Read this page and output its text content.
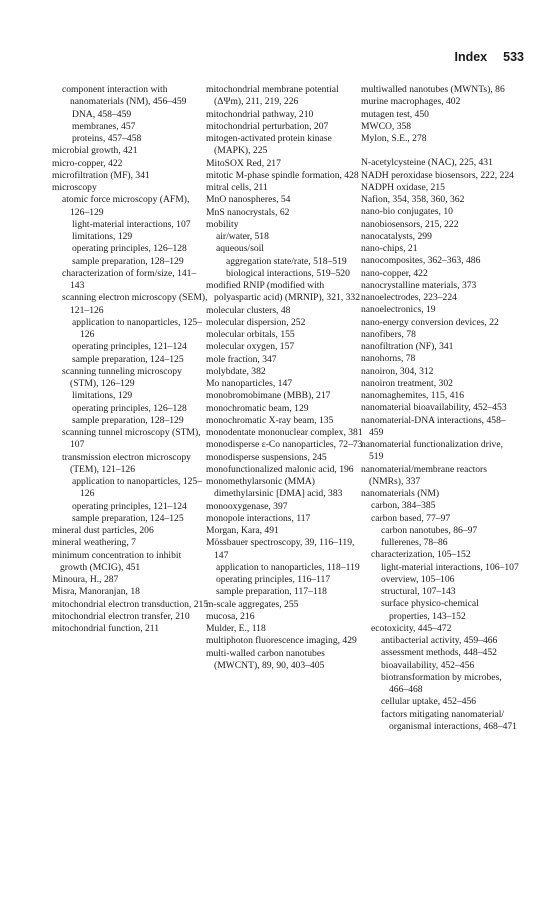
Index 533

component interaction with nanomaterials (NM), 456–459

DNA, 458–459

membranes, 457

proteins, 457–458

microbial growth, 421

micro-copper, 422

microfiltration (MF), 341

microscopy

atomic force microscopy (AFM), 126–129

light-material interactions, 107

limitations, 129

operating principles, 126–128

sample preparation, 128–129

characterization of form/size, 141–143

scanning electron microscopy (SEM), 121–126

application to nanoparticles, 125–126

operating principles, 121–124

sample preparation, 124–125

scanning tunneling microscopy (STM), 126–129

limitations, 129

operating principles, 126–128

sample preparation, 128–129

scanning tunnel microscopy (STM), 107

transmission electron microscopy (TEM), 121–126

application to nanoparticles, 125–126

operating principles, 121–124

sample preparation, 124–125

mineral dust particles, 206

mineral weathering, 7

minimum concentration to inhibit growth (MCIG), 451

Minoura, H., 287

Misra, Manoranjan, 18

mitochondrial electron transduction, 215

mitochondrial electron transfer, 210

mitochondrial function, 211

mitochondrial membrane potential (ΔΨm), 211, 219, 226

mitochondrial pathway, 210

mitochondrial perturbation, 207

mitogen-activated protein kinase (MAPK), 225

MitoSOX Red, 217

mitotic M-phase spindle formation, 428

mitral cells, 211

MnO nanospheres, 54

MnS nanocrystals, 62

mobility

air/water, 518

aqueous/soil

aggregation state/rate, 518–519

biological interactions, 519–520

modified RNIP (modified with polyaspartic acid) (MRNIP), 321, 332

molecular clusters, 48

molecular dispersion, 252

molecular orbitals, 155

molecular oxygen, 157

mole fraction, 347

molybdate, 382

Mo nanoparticles, 147

monobromobimane (MBB), 217

monochromatic beam, 129

monochromatic X-ray beam, 135

monodentate mononuclear complex, 381

monodisperse ε-Co nanoparticles, 72–73

monodisperse suspensions, 245

monofunctionalized malonic acid, 196

monomethylarsonic (MMA) dimethylarsinic [DMA] acid, 383

monooxygenase, 397

monopole interactions, 117

Morgan, Kara, 491

Mössbauer spectroscopy, 39, 116–119, 147

application to nanoparticles, 118–119

operating principles, 116–117

sample preparation, 117–118

m-scale aggregates, 255

mucosa, 216

Mulder, E., 118

multiphoton fluorescence imaging, 429

multi-walled carbon nanotubes (MWCNT), 89, 90, 403–405

multiwalled nanotubes (MWNTs), 86

murine macrophages, 402

mutagen test, 450

MWCO, 358

Mylon, S.E., 278

N-acetylcysteine (NAC), 225, 431

NADH peroxidase biosensors, 222, 224

NADPH oxidase, 215

Nafion, 354, 358, 360, 362

nano-bio conjugates, 10

nanobiosensors, 215, 222

nanocatalysts, 299

nano-chips, 21

nanocomposites, 362–363, 486

nano-copper, 422

nanocrystalline materials, 373

nanoelectrodes, 223–224

nanoelectronics, 19

nano-energy conversion devices, 22

nanofibers, 78

nanofiltration (NF), 341

nanohorns, 78

nanoiron, 304, 312

nanoiron treatment, 302

nanomaghemites, 115, 416

nanomaterial bioavailability, 452–453

nanomaterial-DNA interactions, 458–459

nanomaterial functionalization drive, 519

nanomaterial/membrane reactors (NMRs), 337

nanomaterials (NM)

carbon, 384–385

carbon based, 77–97

carbon nanotubes, 86–97

fullerenes, 78–86

characterization, 105–152

light-material interactions, 106–107

overview, 105–106

structural, 107–143

surface physico-chemical properties, 143–152

ecotoxicity, 445–472

antibacterial activity, 459–466

assessment methods, 448–452

bioavailability, 452–456

biotransformation by microbes, 466–468

cellular uptake, 452–456

factors mitigating nanomaterial/ organismal interactions, 468–471
